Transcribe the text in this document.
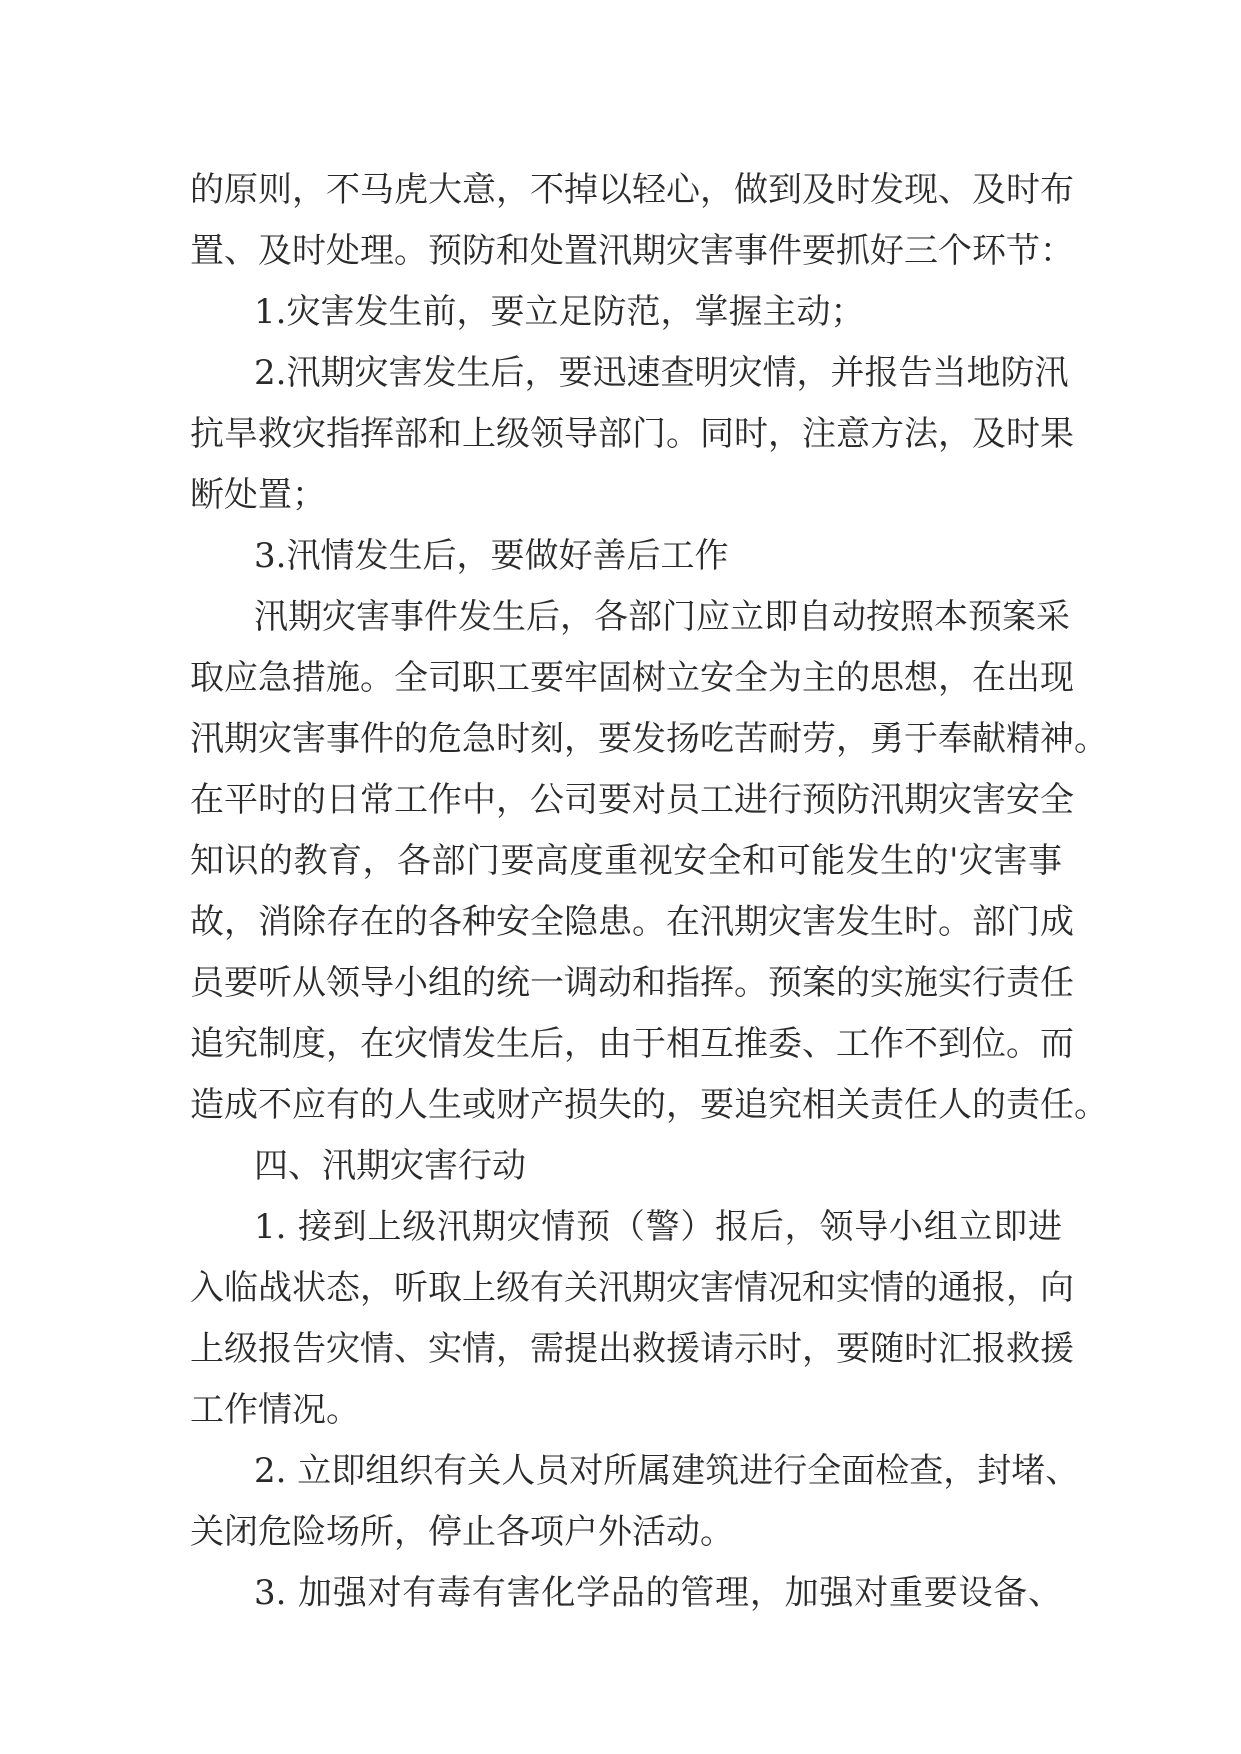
的原则，不马虎大意，不掉以轻心，做到及时发现、及时布
置、及时处理。预防和处置汛期灾害事件要抓好三个环节：
1.灾害发生前，要立足防范，掌握主动；
2.汛期灾害发生后，要迅速查明灾情，并报告当地防汛
抗旱救灾指挥部和上级领导部门。同时，注意方法，及时果
断处置；
3.汛情发生后，要做好善后工作
汛期灾害事件发生后，各部门应立即自动按照本预案采
取应急措施。全司职工要牢固树立安全为主的思想，在出现
汛期灾害事件的危急时刻，要发扬吃苦耐劳，勇于奉献精神。
在平时的日常工作中，公司要对员工进行预防汛期灾害安全
知识的教育，各部门要高度重视安全和可能发生的'灾害事
故，消除存在的各种安全隐患。在汛期灾害发生时。部门成
员要听从领导小组的统一调动和指挥。预案的实施实行责任
追究制度，在灾情发生后，由于相互推委、工作不到位。而
造成不应有的人生或财产损失的，要追究相关责任人的责任。
四、汛期灾害行动
1. 接到上级汛期灾情预（警）报后，领导小组立即进
入临战状态，听取上级有关汛期灾害情况和实情的通报，向
上级报告灾情、实情，需提出救援请示时，要随时汇报救援
工作情况。
2. 立即组织有关人员对所属建筑进行全面检查，封堵、
关闭危险场所，停止各项户外活动。
3. 加强对有毒有害化学品的管理，加强对重要设备、
